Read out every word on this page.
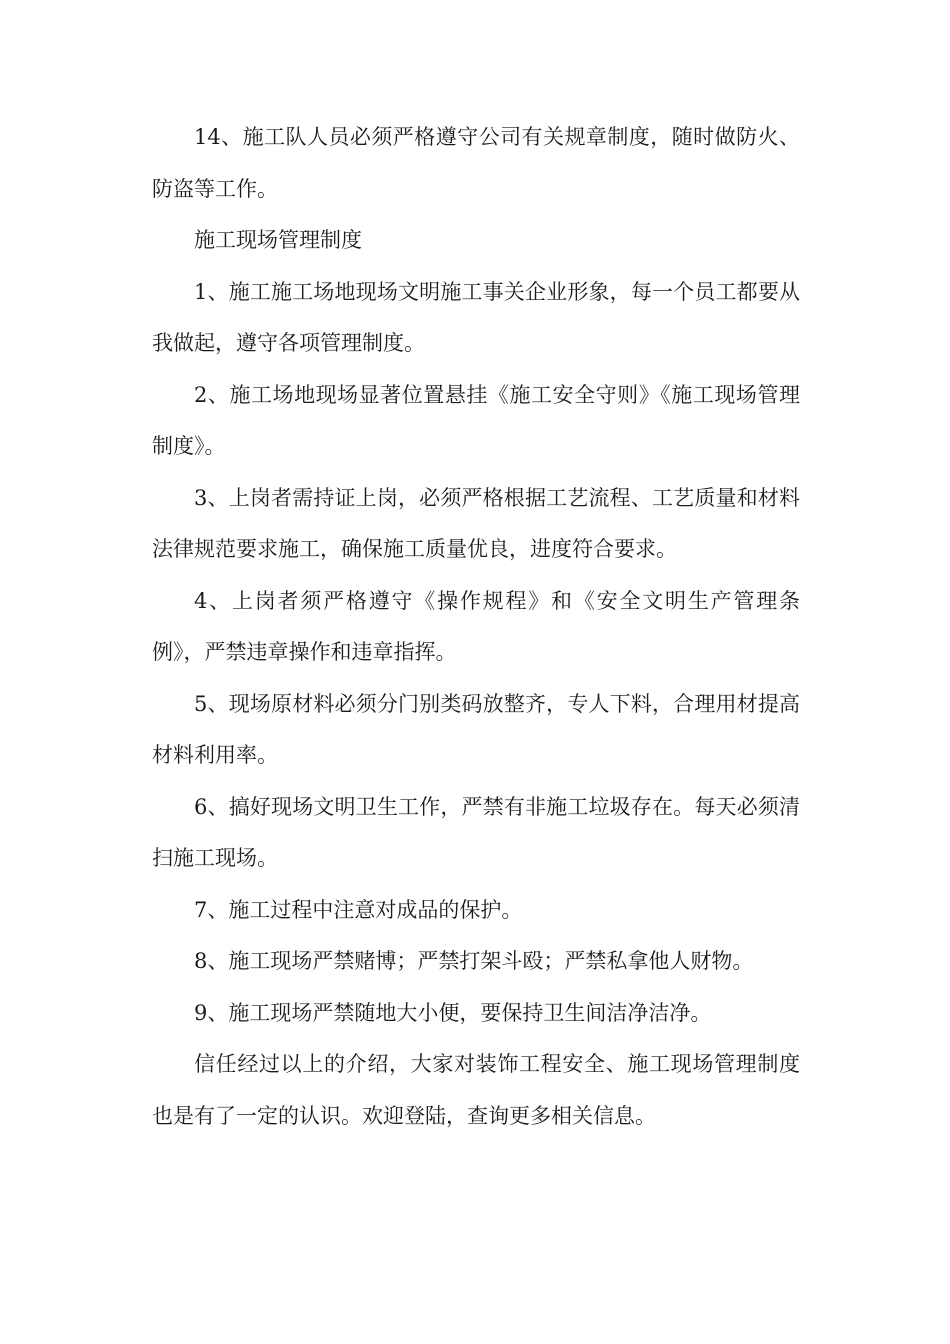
14、施工队人员必须严格遵守公司有关规章制度，随时做防火、防盗等工作。

施工现场管理制度

1、施工施工场地现场文明施工事关企业形象，每一个员工都要从我做起，遵守各项管理制度。

2、施工场地现场显著位置悬挂《施工安全守则》《施工现场管理制度》。

3、上岗者需持证上岗，必须严格根据工艺流程、工艺质量和材料法律规范要求施工，确保施工质量优良，进度符合要求。

4、上岗者须严格遵守《操作规程》和《安全文明生产管理条例》，严禁违章操作和违章指挥。

5、现场原材料必须分门别类码放整齐，专人下料，合理用材提高材料利用率。

6、搞好现场文明卫生工作，严禁有非施工垃圾存在。每天必须清扫施工现场。

7、施工过程中注意对成品的保护。

8、施工现场严禁赌博；严禁打架斗殴；严禁私拿他人财物。

9、施工现场严禁随地大小便，要保持卫生间洁净洁净。

信任经过以上的介绍，大家对装饰工程安全、施工现场管理制度也是有了一定的认识。欢迎登陆，查询更多相关信息。
